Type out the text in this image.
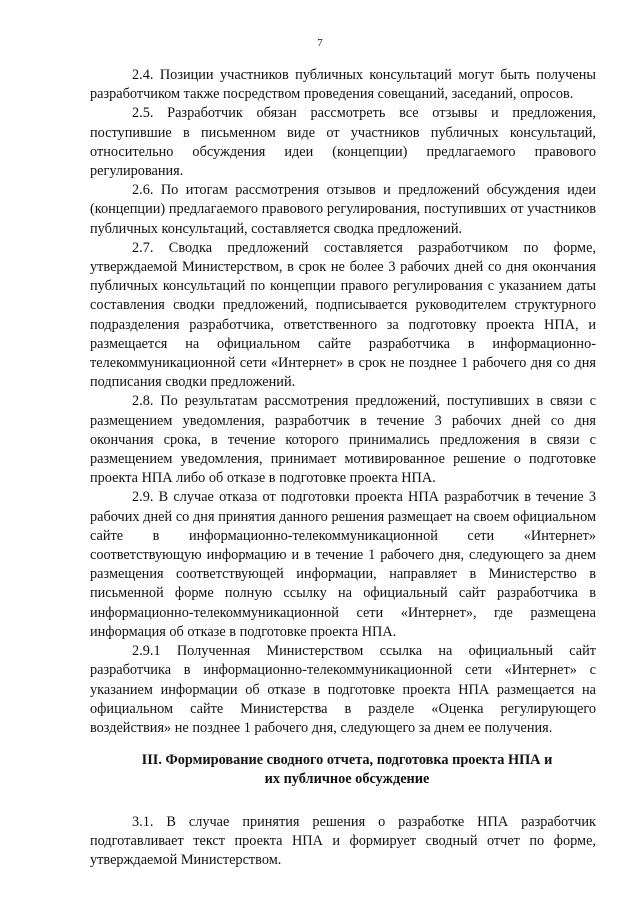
7

2.4. Позиции участников публичных консультаций могут быть получены разработчиком также посредством проведения совещаний, заседаний, опросов.

2.5. Разработчик обязан рассмотреть все отзывы и предложения, поступившие в письменном виде от участников публичных консультаций, относительно обсуждения идеи (концепции) предлагаемого правового регулирования.

2.6. По итогам рассмотрения отзывов и предложений обсуждения идеи (концепции) предлагаемого правового регулирования, поступивших от участников публичных консультаций, составляется сводка предложений.

2.7. Сводка предложений составляется разработчиком по форме, утверждаемой Министерством, в срок не более 3 рабочих дней со дня окончания публичных консультаций по концепции правого регулирования с указанием даты составления сводки предложений, подписывается руководителем структурного подразделения разработчика, ответственного за подготовку проекта НПА, и размещается на официальном сайте разработчика в информационно-телекоммуникационной сети «Интернет» в срок не позднее 1 рабочего дня со дня подписания сводки предложений.

2.8. По результатам рассмотрения предложений, поступивших в связи с размещением уведомления, разработчик в течение 3 рабочих дней со дня окончания срока, в течение которого принимались предложения в связи с размещением уведомления, принимает мотивированное решение о подготовке проекта НПА либо об отказе в подготовке проекта НПА.

2.9. В случае отказа от подготовки проекта НПА разработчик в течение 3 рабочих дней со дня принятия данного решения размещает на своем официальном сайте в информационно-телекоммуникационной сети «Интернет» соответствующую информацию и в течение 1 рабочего дня, следующего за днем размещения соответствующей информации, направляет в Министерство в письменной форме полную ссылку на официальный сайт разработчика в информационно-телекоммуникационной сети «Интернет», где размещена информация об отказе в подготовке проекта НПА.

2.9.1 Полученная Министерством ссылка на официальный сайт разработчика в информационно-телекоммуникационной сети «Интернет» с указанием информации об отказе в подготовке проекта НПА размещается на официальном сайте Министерства в разделе «Оценка регулирующего воздействия» не позднее 1 рабочего дня, следующего за днем ее получения.

III. Формирование сводного отчета, подготовка проекта НПА и

их публичное обсуждение

3.1. В случае принятия решения о разработке НПА разработчик подготавливает текст проекта НПА и формирует сводный отчет по форме, утверждаемой Министерством.
